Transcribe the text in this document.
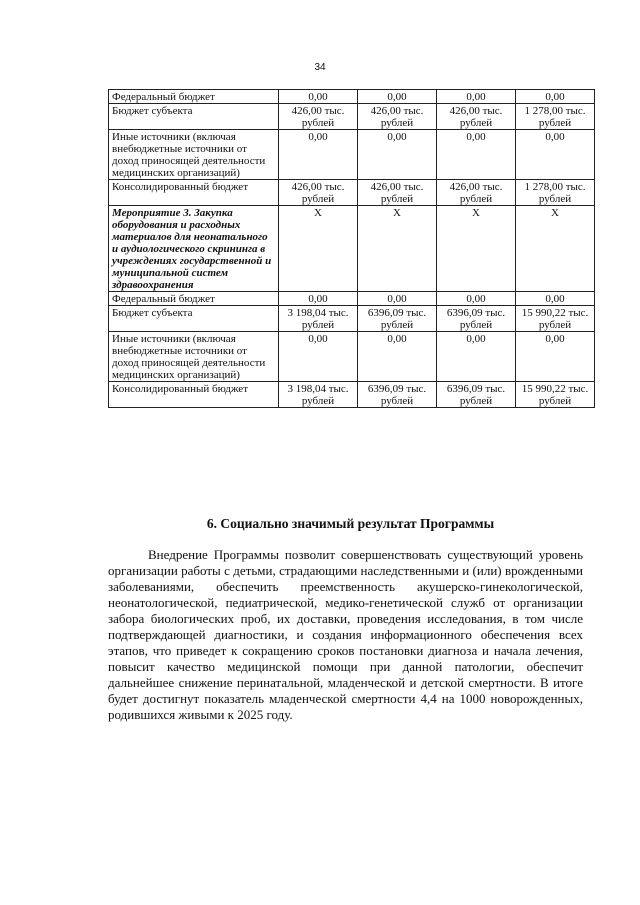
34
Федеральный бюджет	0,00	0,00	0,00	0,00
Бюджет субъекта	426,00 тыс. рублей	426,00 тыс. рублей	426,00 тыс. рублей	1 278,00 тыс. рублей
Иные источники (включая внебюджетные источники от доход приносящей деятельности медицинских организаций)	0,00	0,00	0,00	0,00
Консолидированный бюджет	426,00 тыс. рублей	426,00 тыс. рублей	426,00 тыс. рублей	1 278,00 тыс. рублей
Мероприятие 3. Закупка оборудования и расходных материалов для неонатального и аудиологического скрининга в учреждениях государственной и муниципальной систем здравоохранения	Х	Х	Х	Х
Федеральный бюджет	0,00	0,00	0,00	0,00
Бюджет субъекта	3 198,04 тыс. рублей	6396,09 тыс. рублей	6396,09 тыс. рублей	15 990,22 тыс. рублей
Иные источники (включая внебюджетные источники от доход приносящей деятельности медицинских организаций)	0,00	0,00	0,00	0,00
Консолидированный бюджет	3 198,04 тыс. рублей	6396,09 тыс. рублей	6396,09 тыс. рублей	15 990,22 тыс. рублей
6. Социально значимый результат Программы

Внедрение Программы позволит совершенствовать существующий уровень организации работы с детьми, страдающими наследственными и (или) врожденными заболеваниями, обеспечить преемственность акушерско-гинекологической, неонатологической, педиатрической, медико-генетической служб от организации забора биологических проб, их доставки, проведения исследования, в том числе подтверждающей диагностики, и создания информационного обеспечения всех этапов, что приведет к сокращению сроков постановки диагноза и начала лечения, повысит качество медицинской помощи при данной патологии, обеспечит дальнейшее снижение перинатальной, младенческой и детской смертности. В итоге будет достигнут показатель младенческой смертности 4,4 на 1000 новорожденных, родившихся живыми к 2025 году.
